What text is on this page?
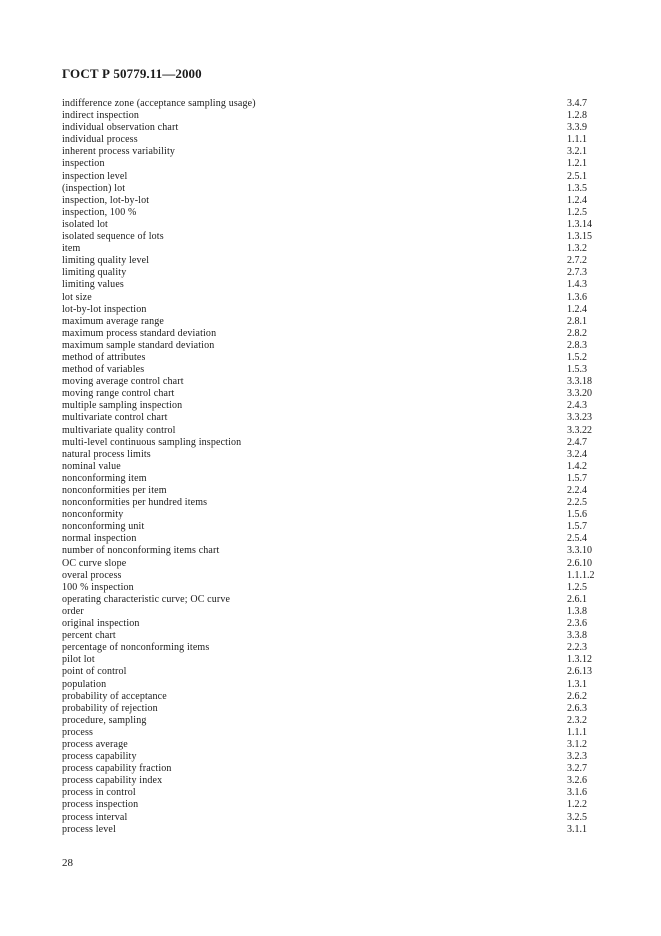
ГОСТ Р 50779.11—2000
indifference zone (acceptance sampling usage)	3.4.7
indirect inspection	1.2.8
individual observation chart	3.3.9
individual process	1.1.1
inherent process variability	3.2.1
inspection	1.2.1
inspection level	2.5.1
(inspection) lot	1.3.5
inspection, lot-by-lot	1.2.4
inspection, 100 %	1.2.5
isolated lot	1.3.14
isolated sequence of lots	1.3.15
item	1.3.2
limiting quality level	2.7.2
limiting quality	2.7.3
limiting values	1.4.3
lot size	1.3.6
lot-by-lot inspection	1.2.4
maximum average range	2.8.1
maximum process standard deviation	2.8.2
maximum sample standard deviation	2.8.3
method of attributes	1.5.2
method of variables	1.5.3
moving average control chart	3.3.18
moving range control chart	3.3.20
multiple sampling inspection	2.4.3
multivariate control chart	3.3.23
multivariate quality control	3.3.22
multi-level continuous sampling inspection	2.4.7
natural process limits	3.2.4
nominal value	1.4.2
nonconforming item	1.5.7
nonconformities per item	2.2.4
nonconformities per hundred items	2.2.5
nonconformity	1.5.6
nonconforming unit	1.5.7
normal inspection	2.5.4
number of nonconforming items chart	3.3.10
OC curve slope	2.6.10
overal process	1.1.1.2
100 % inspection	1.2.5
operating characteristic curve; OC curve	2.6.1
order	1.3.8
original inspection	2.3.6
percent chart	3.3.8
percentage of nonconforming items	2.2.3
pilot lot	1.3.12
point of control	2.6.13
population	1.3.1
probability of acceptance	2.6.2
probability of rejection	2.6.3
procedure, sampling	2.3.2
process	1.1.1
process average	3.1.2
process capability	3.2.3
process capability fraction	3.2.7
process capability index	3.2.6
process in control	3.1.6
process inspection	1.2.2
process interval	3.2.5
process level	3.1.1
28
